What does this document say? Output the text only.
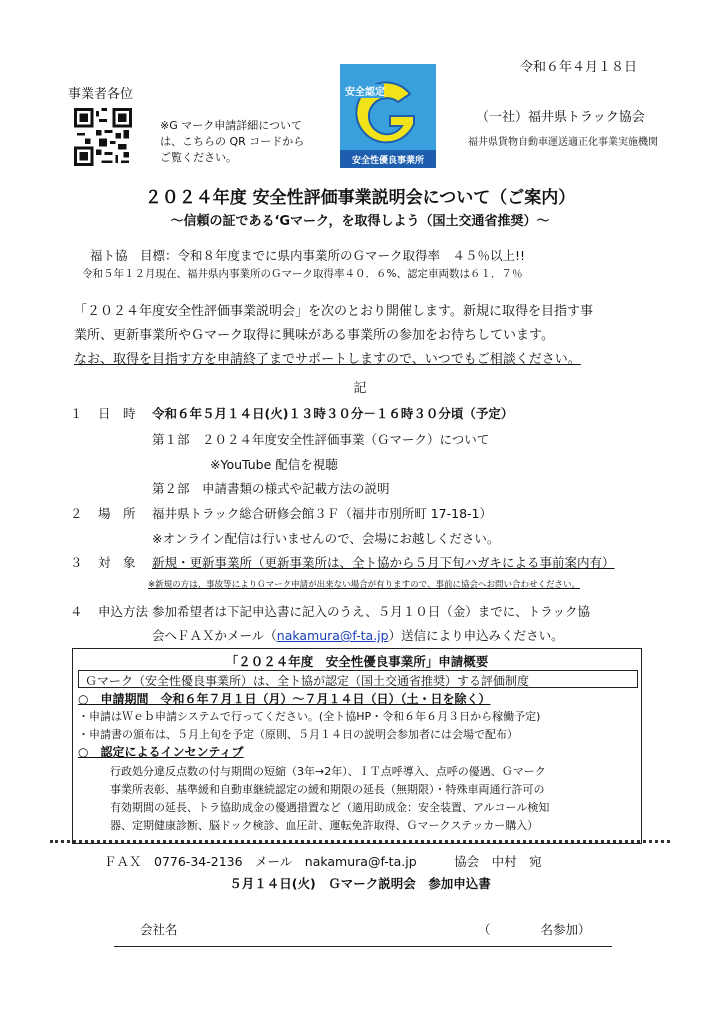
令和６年４月１８日
事業者各位
※G マーク申請詳細については、こちらの QR コードからご覧ください。
安全認定
安全性優良事業所
（一社）福井県トラック協会
福井県貨物自動車運送適正化事業実施機関
２０２４年度 安全性評価事業説明会について（ご案内）
～信頼の証である‘Gマーク，を取得しよう（国土交通省推奨）～
福ト協　目標：令和８年度までに県内事業所のＧマーク取得率　４５％以上!!
令和５年１２月現在、福井県内事業所のＧマーク取得率４０．６%、認定車両数は６１．７％
「２０２４年度安全性評価事業説明会」を次のとおり開催します。新規に取得を目指す事
業所、更新事業所やＧマーク取得に興味がある事業所の参加をお待ちしています。
なお、取得を目指す方を申請終了までサポートしますので、いつでもご相談ください。
記
１ 日　時 令和６年５月１４日(火)１３時３０分－１６時３０分頃（予定）
第１部　２０２４年度安全性評価事業（Ｇマーク）について
※YouTube 配信を視聴
第２部　申請書類の様式や記載方法の説明
２ 場　所 福井県トラック総合研修会館３Ｆ（福井市別所町 17-18-1）
※オンライン配信は行いませんので、会場にお越しください。
３ 対　象 新規・更新事業所（更新事業所は、全ト協から５月下旬ハガキによる事前案内有）
※新規の方は、事故等によりＧマーク申請が出来ない場合が有りますので、事前に協会へお問い合わせください。
４ 申込方法 参加希望者は下記申込書に記入のうえ、５月１０日（金）までに、トラック協
会へＦＡＸかメール（nakamura@f-ta.jp）送信により申込みください。
「２０２４年度　安全性優良事業所」申請概要
Ｇマーク（安全性優良事業所）は、全ト協が認定（国土交通省推奨）する評価制度
○　申請期間　令和６年７月１日（月）～７月１４日（日）（土・日を除く）
・申請はＷｅｂ申請システムで行ってください。(全ト協HP・令和６年６月３日から稼働予定)
・申請書の頒布は、５月上旬を予定（原則、５月１４日の説明会参加者には会場で配布）
○　認定によるインセンティブ
行政処分違反点数の付与期間の短縮（3年→2年）、ＩＴ点呼導入、点呼の優遇、Ｇマーク
事業所表彰、基準緩和自動車継続認定の緩和期限の延長（無期限）・特殊車両通行許可の
有効期間の延長、トラ協助成金の優遇措置など（適用助成金：安全装置、アルコール検知
器、定期健康診断、脳ドック検診、血圧計、運転免許取得、Ｇマークステッカー購入）
ＦＡＸ　0776-34-2136　メール　nakamura@f-ta.jp　　　協会　中村　宛
５月１４日(火)　Ｇマーク説明会　参加申込書
会社名	（　　　　名参加）
